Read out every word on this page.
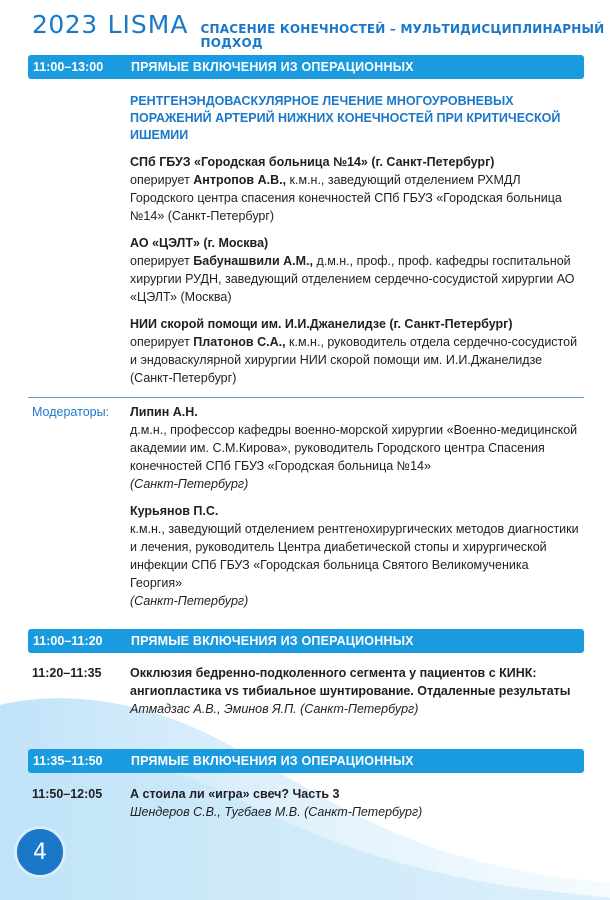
2023 LISMA СПАСЕНИЕ КОНЕЧНОСТЕЙ – МУЛЬТИДИСЦИПЛИНАРНЫЙ ПОДХОД
11:00–13:00	ПРЯМЫЕ ВКЛЮЧЕНИЯ ИЗ ОПЕРАЦИОННЫХ
РЕНТГЕНЭНДОВАСКУЛЯРНОЕ ЛЕЧЕНИЕ МНОГОУРОВНЕВЫХ ПОРАЖЕНИЙ АРТЕРИЙ НИЖНИХ КОНЕЧНОСТЕЙ ПРИ КРИТИЧЕСКОЙ ИШЕМИИ
СПб ГБУЗ «Городская больница №14» (г. Санкт-Петербург)
оперирует Антропов А.В., к.м.н., заведующий отделением РХМДЛ Городского центра спасения конечностей СПб ГБУЗ «Городская больница №14» (Санкт-Петербург)
АО «ЦЭЛТ» (г. Москва)
оперирует Бабунашвили А.М., д.м.н., проф., проф. кафедры госпитальной хирургии РУДН, заведующий отделением сердечно-сосудистой хирургии АО «ЦЭЛТ» (Москва)
НИИ скорой помощи им. И.И.Джанелидзе (г. Санкт-Петербург)
оперирует Платонов С.А., к.м.н., руководитель отдела сердечно-сосудистой и эндоваскулярной хирургии НИИ скорой помощи им. И.И.Джанелидзе (Санкт-Петербург)
Модераторы: Липин А.Н.
д.м.н., профессор кафедры военно-морской хирургии «Военно-медицинской академии им. С.М.Кирова», руководитель Городского центра Спасения конечностей СПб ГБУЗ «Городская больница №14»
(Санкт-Петербург)
Курьянов П.С.
к.м.н., заведующий отделением рентгенохирургических методов диагностики и лечения, руководитель Центра диабетической стопы и хирургической инфекции СПб ГБУЗ «Городская больница Святого Великомученика Георгия»
(Санкт-Петербург)
11:00–11:20	ПРЯМЫЕ ВКЛЮЧЕНИЯ ИЗ ОПЕРАЦИОННЫХ
11:20–11:35 Окклюзия бедренно-подколенного сегмента у пациентов с КИНК: ангиопластика vs тибиальное шунтирование. Отдаленные результаты
Атмадзас А.В., Эминов Я.П. (Санкт-Петербург)
11:35–11:50	ПРЯМЫЕ ВКЛЮЧЕНИЯ ИЗ ОПЕРАЦИОННЫХ
11:50–12:05 А стоила ли «игра» свеч? Часть 3
Шендеров С.В., Тугбаев М.В. (Санкт-Петербург)
4
